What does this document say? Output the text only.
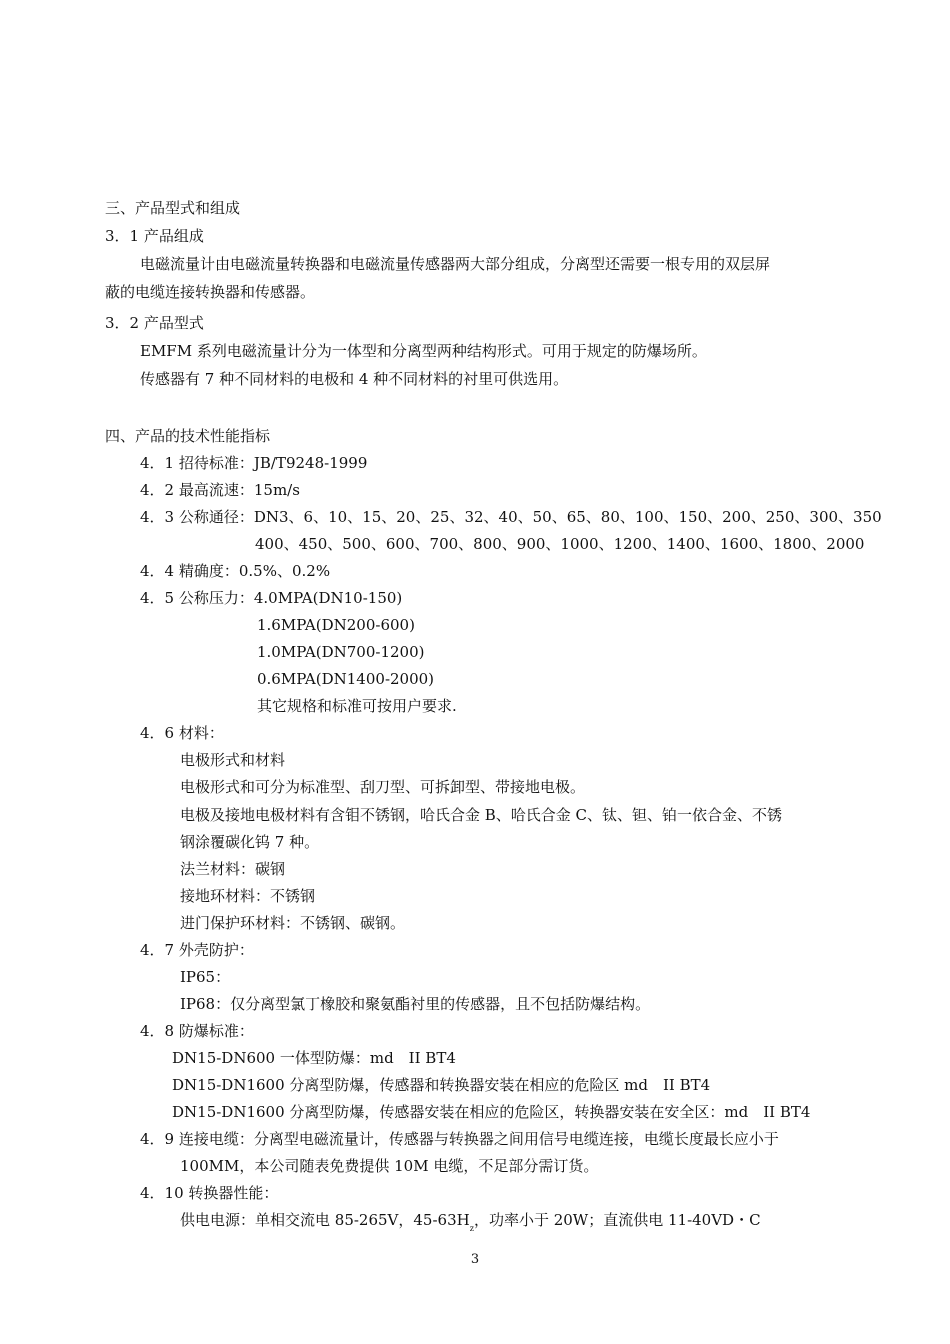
三、产品型式和组成
3．1 产品组成
电磁流量计由电磁流量转换器和电磁流量传感器两大部分组成，分离型还需要一根专用的双层屏
蔽的电缆连接转换器和传感器。
3．2 产品型式
EMFM 系列电磁流量计分为一体型和分离型两种结构形式。可用于规定的防爆场所。
传感器有 7 种不同材料的电极和 4 种不同材料的衬里可供选用。
四、产品的技术性能指标
4．1 招待标准：JB/T9248-1999
4．2 最高流速：15m/s
4．3 公称通径：DN3、6、10、15、20、25、32、40、50、65、80、100、150、200、250、300、350
400、450、500、600、700、800、900、1000、1200、1400、1600、1800、2000
4．4 精确度：0.5%、0.2%
4．5 公称压力：4.0MPA(DN10-150)
1.6MPA(DN200-600)
1.0MPA(DN700-1200)
0.6MPA(DN1400-2000)
其它规格和标准可按用户要求.
4．6 材料：
电极形式和材料
电极形式和可分为标准型、刮刀型、可拆卸型、带接地电极。
电极及接地电极材料有含钼不锈钢，哈氏合金 B、哈氏合金 C、钛、钽、铂一依合金、不锈
钢涂覆碳化钨 7 种。
法兰材料：碳钢
接地环材料：不锈钢
进门保护环材料：不锈钢、碳钢。
4．7 外壳防护：
IP65：
IP68：仅分离型氯丁橡胶和聚氨酯衬里的传感器，且不包括防爆结构。
4．8 防爆标准：
DN15-DN600 一体型防爆：md　II BT4
DN15-DN1600 分离型防爆，传感器和转换器安装在相应的危险区 md　II BT4
DN15-DN1600 分离型防爆，传感器安装在相应的危险区，转换器安装在安全区：md　II BT4
4．9 连接电缆：分离型电磁流量计，传感器与转换器之间用信号电缆连接，电缆长度最长应小于
100MM，本公司随表免费提供 10M 电缆，不足部分需订货。
4．10 转换器性能：
供电电源：单相交流电 85-265V，$45-63H_z$，功率小于 20W；直流供电 11-40VD・C
3
